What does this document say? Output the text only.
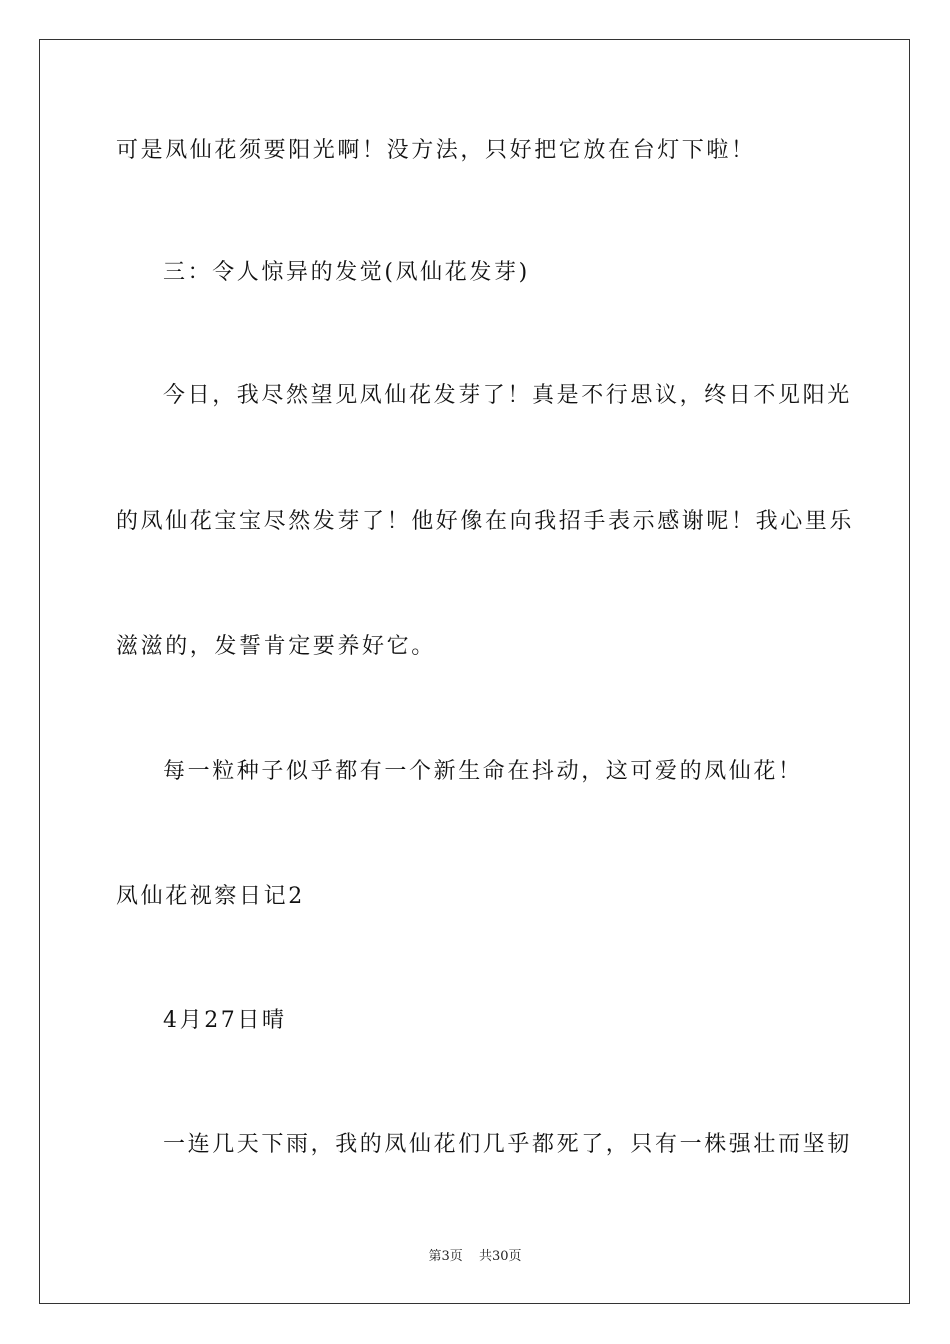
可是凤仙花须要阳光啊！没方法，只好把它放在台灯下啦！
三：令人惊异的发觉(凤仙花发芽)
今日，我尽然望见凤仙花发芽了！真是不行思议，终日不见阳光
的凤仙花宝宝尽然发芽了！他好像在向我招手表示感谢呢！我心里乐
滋滋的，发誓肯定要养好它。
每一粒种子似乎都有一个新生命在抖动，这可爱的凤仙花！
凤仙花视察日记2
4月27日晴
一连几天下雨，我的凤仙花们几乎都死了，只有一株强壮而坚韧
第3页 共30页
